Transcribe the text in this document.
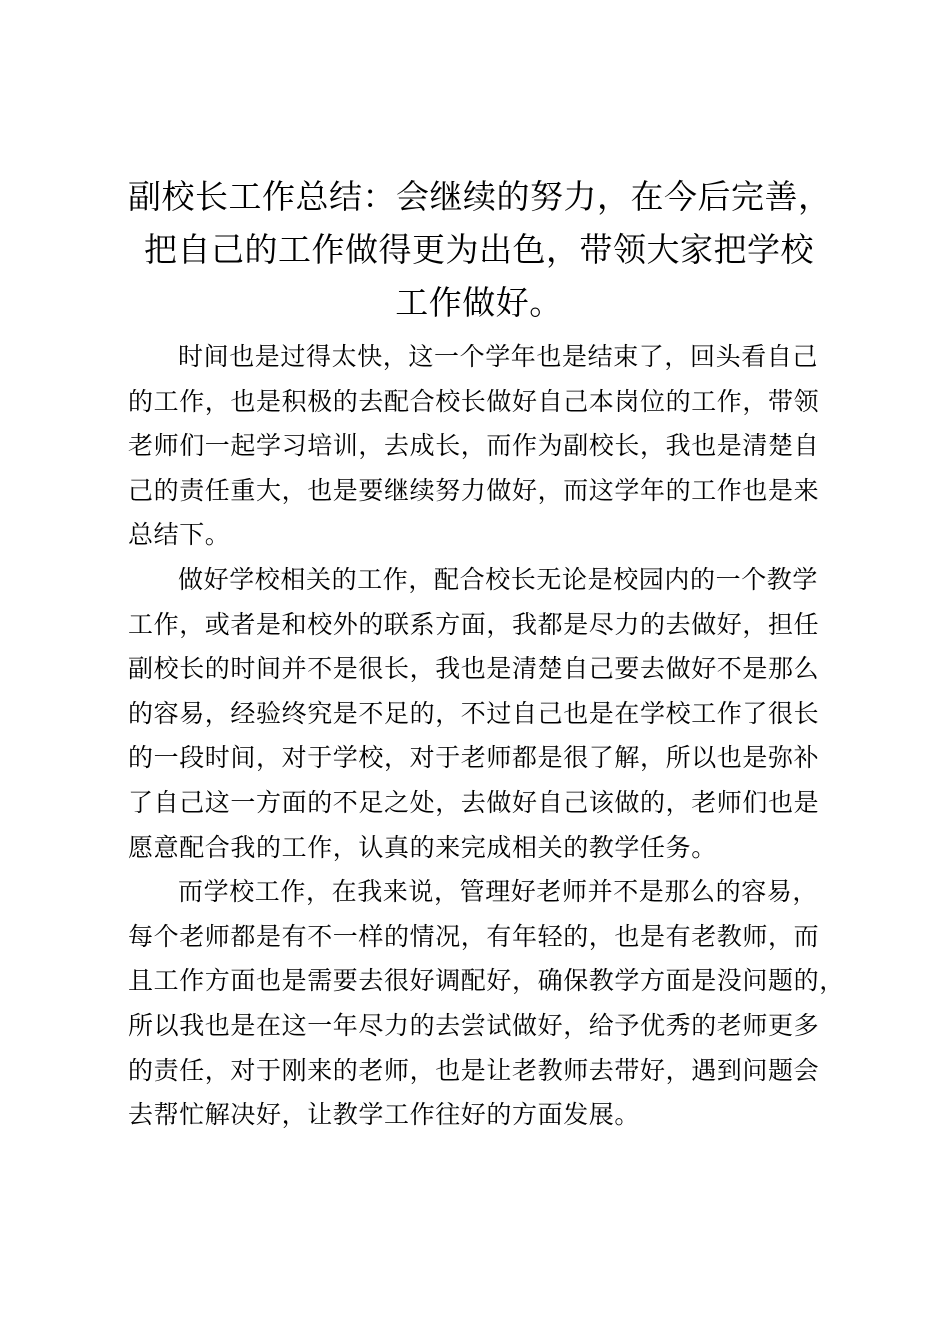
副校长工作总结：会继续的努力，在今后完善，
把自己的工作做得更为出色，带领大家把学校
工作做好。

时间也是过得太快，这一个学年也是结束了，回头看自己
的工作，也是积极的去配合校长做好自己本岗位的工作，带领
老师们一起学习培训，去成长，而作为副校长，我也是清楚自
己的责任重大，也是要继续努力做好，而这学年的工作也是来
总结下。

做好学校相关的工作，配合校长无论是校园内的一个教学
工作，或者是和校外的联系方面，我都是尽力的去做好，担任
副校长的时间并不是很长，我也是清楚自己要去做好不是那么
的容易，经验终究是不足的，不过自己也是在学校工作了很长
的一段时间，对于学校，对于老师都是很了解，所以也是弥补
了自己这一方面的不足之处，去做好自己该做的，老师们也是
愿意配合我的工作，认真的来完成相关的教学任务。

而学校工作，在我来说，管理好老师并不是那么的容易，
每个老师都是有不一样的情况，有年轻的，也是有老教师，而
且工作方面也是需要去很好调配好，确保教学方面是没问题的，
所以我也是在这一年尽力的去尝试做好，给予优秀的老师更多
的责任，对于刚来的老师，也是让老教师去带好，遇到问题会
去帮忙解决好，让教学工作往好的方面发展。
